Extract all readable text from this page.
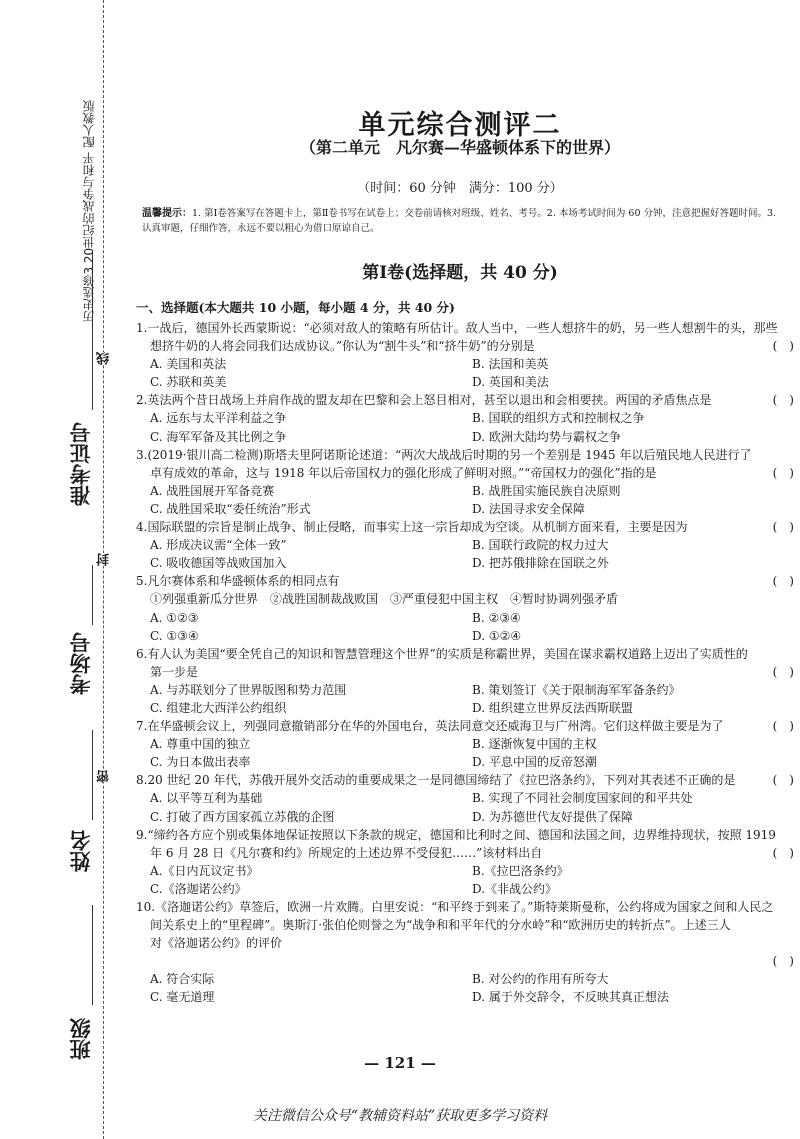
历史选修3 20世纪的战争与和平 配人教版
准考证号
考场号
姓名
班级
线
封
密
单元综合测评二
（第二单元　凡尔赛—华盛顿体系下的世界）
（时间：60 分钟　满分：100 分）
温馨提示：1. 第Ⅰ卷答案写在答题卡上，第Ⅱ卷书写在试卷上；交卷前请核对班级、姓名、考号。2. 本场考试时间为 60 分钟，注意把握好答题时间。3. 认真审题，仔细作答，永远不要以粗心为借口原谅自己。
第Ⅰ卷(选择题，共 40 分)
一、选择题(本大题共 10 小题，每小题 4 分，共 40 分)
1.一战后，德国外长西蒙斯说：“必须对敌人的策略有所估计。敌人当中，一些人想挤牛的奶，另一些人想割牛的头，那些
(　)
想挤牛奶的人将会同我们达成协议。”你认为“割牛头”和“挤牛奶”的分别是
A. 美国和英法	B. 法国和美英
C. 苏联和英美	D. 英国和美法
(　)
2.英法两个昔日战场上并肩作战的盟友却在巴黎和会上怒目相对，甚至以退出和会相要挟。两国的矛盾焦点是
A. 远东与太平洋利益之争	B. 国联的组织方式和控制权之争
C. 海军军备及其比例之争	D. 欧洲大陆均势与霸权之争
3.(2019·银川高二检测)斯塔夫里阿诺斯论述道：“两次大战战后时期的另一个差别是 1945 年以后殖民地人民进行了
(　)
卓有成效的革命，这与 1918 年以后帝国权力的强化形成了鲜明对照。”“帝国权力的强化”指的是
A. 战胜国展开军备竞赛	B. 战胜国实施民族自决原则
C. 战胜国采取“委任统治”形式	D. 法国寻求安全保障
(　)
4.国际联盟的宗旨是制止战争、制止侵略，而事实上这一宗旨却成为空谈。从机制方面来看，主要是因为
A. 形成决议需“全体一致”	B. 国联行政院的权力过大
C. 吸收德国等战败国加入	D. 把苏俄排除在国联之外
(　)
5.凡尔赛体系和华盛顿体系的相同点有
①列强重新瓜分世界　②战胜国制裁战败国　③严重侵犯中国主权　④暂时协调列强矛盾
A. ①②③	B. ②③④
C. ①③④	D. ①②④
6.有人认为美国“要全凭自己的知识和智慧管理这个世界”的实质是称霸世界，美国在谋求霸权道路上迈出了实质性的
(　)
第一步是
A. 与苏联划分了世界版图和势力范围	B. 策划签订《关于限制海军军备条约》
C. 组建北大西洋公约组织	D. 组织建立世界反法西斯联盟
(　)
7.在华盛顿会议上，列强同意撤销部分在华的外国电台，英法同意交还威海卫与广州湾。它们这样做主要是为了
A. 尊重中国的独立	B. 逐渐恢复中国的主权
C. 为日本做出表率	D. 平息中国的反帝怒潮
(　)
8.20 世纪 20 年代，苏俄开展外交活动的重要成果之一是同德国缔结了《拉巴洛条约》，下列对其表述不正确的是
A. 以平等互利为基础	B. 实现了不同社会制度国家间的和平共处
C. 打破了西方国家孤立苏俄的企图	D. 为苏德世代友好提供了保障
9.“缔约各方应个别或集体地保证按照以下条款的规定，德国和比利时之间、德国和法国之间，边界维持现状，按照 1919
(　)
年 6 月 28 日《凡尔赛和约》所规定的上述边界不受侵犯……”该材料出自
A.《日内瓦议定书》	B.《拉巴洛条约》
C.《洛迦诺公约》	D.《非战公约》
10.《洛迦诺公约》草签后，欧洲一片欢腾。白里安说：“和平终于到来了。”斯特莱斯曼称，公约将成为国家之间和人民之
间关系史上的“里程碑”。奥斯汀·张伯伦则誉之为“战争和和平年代的分水岭”和“欧洲历史的转折点”。上述三人
对《洛迦诺公约》的评价
(　)

A. 符合实际	B. 对公约的作用有所夸大
C. 毫无道理	D. 属于外交辞令，不反映其真正想法
— 121 —
关注微信公众号“教辅资料站”获取更多学习资料
